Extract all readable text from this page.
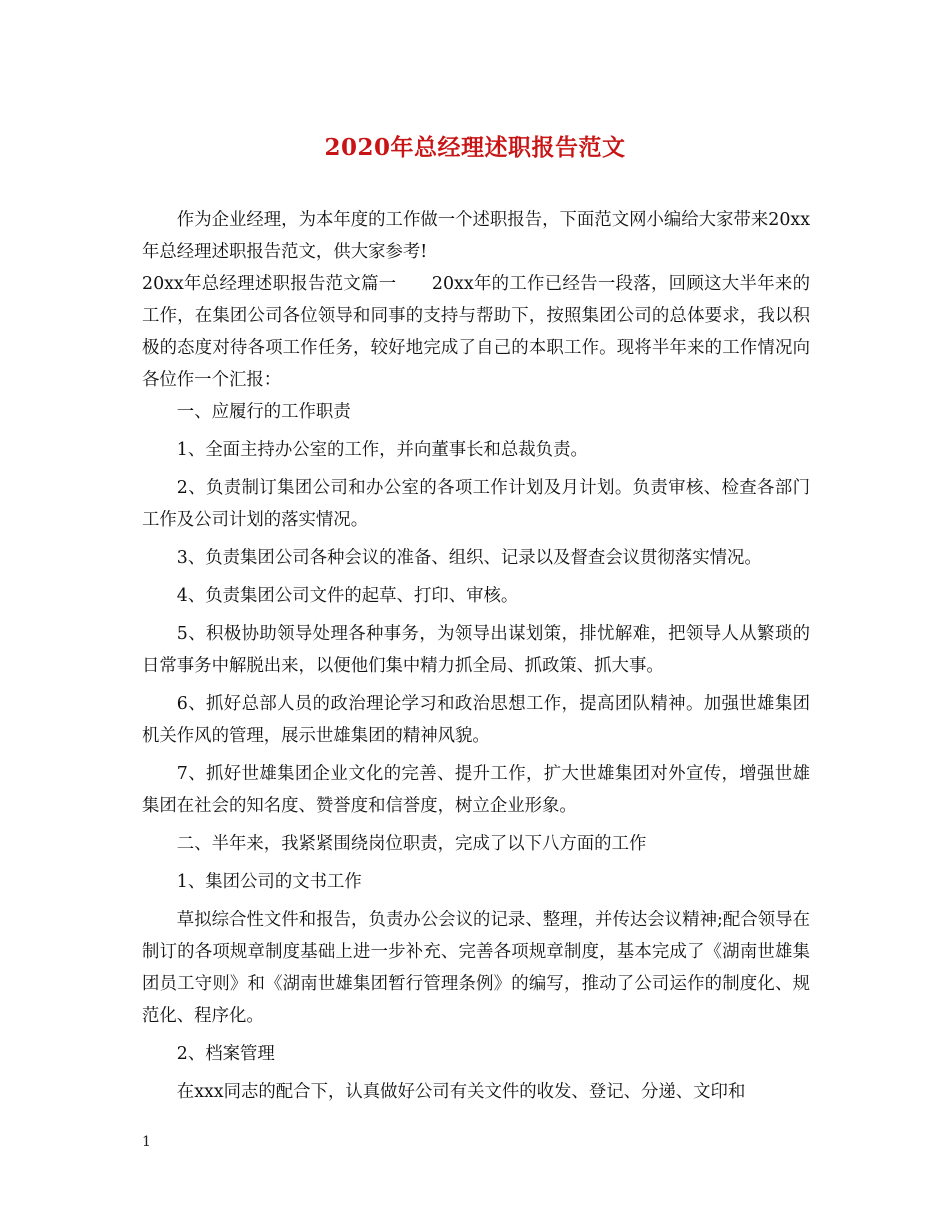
2020年总经理述职报告范文

作为企业经理，为本年度的工作做一个述职报告，下面范文网小编给大家带来20xx年总经理述职报告范文，供大家参考!

20xx年总经理述职报告范文篇一　　20xx年的工作已经告一段落，回顾这大半年来的工作，在集团公司各位领导和同事的支持与帮助下，按照集团公司的总体要求，我以积极的态度对待各项工作任务，较好地完成了自己的本职工作。现将半年来的工作情况向各位作一个汇报：

一、应履行的工作职责

1、全面主持办公室的工作，并向董事长和总裁负责。

2、负责制订集团公司和办公室的各项工作计划及月计划。负责审核、检查各部门工作及公司计划的落实情况。

3、负责集团公司各种会议的准备、组织、记录以及督查会议贯彻落实情况。

4、负责集团公司文件的起草、打印、审核。

5、积极协助领导处理各种事务，为领导出谋划策，排忧解难，把领导人从繁琐的日常事务中解脱出来，以便他们集中精力抓全局、抓政策、抓大事。

6、抓好总部人员的政治理论学习和政治思想工作，提高团队精神。加强世雄集团机关作风的管理，展示世雄集团的精神风貌。

7、抓好世雄集团企业文化的完善、提升工作，扩大世雄集团对外宣传，增强世雄集团在社会的知名度、赞誉度和信誉度，树立企业形象。

二、半年来，我紧紧围绕岗位职责，完成了以下八方面的工作

1、集团公司的文书工作

草拟综合性文件和报告，负责办公会议的记录、整理，并传达会议精神;配合领导在制订的各项规章制度基础上进一步补充、完善各项规章制度，基本完成了《湖南世雄集团员工守则》和《湖南世雄集团暂行管理条例》的编写，推动了公司运作的制度化、规范化、程序化。

2、档案管理

在xxx同志的配合下，认真做好公司有关文件的收发、登记、分递、文印和

1
